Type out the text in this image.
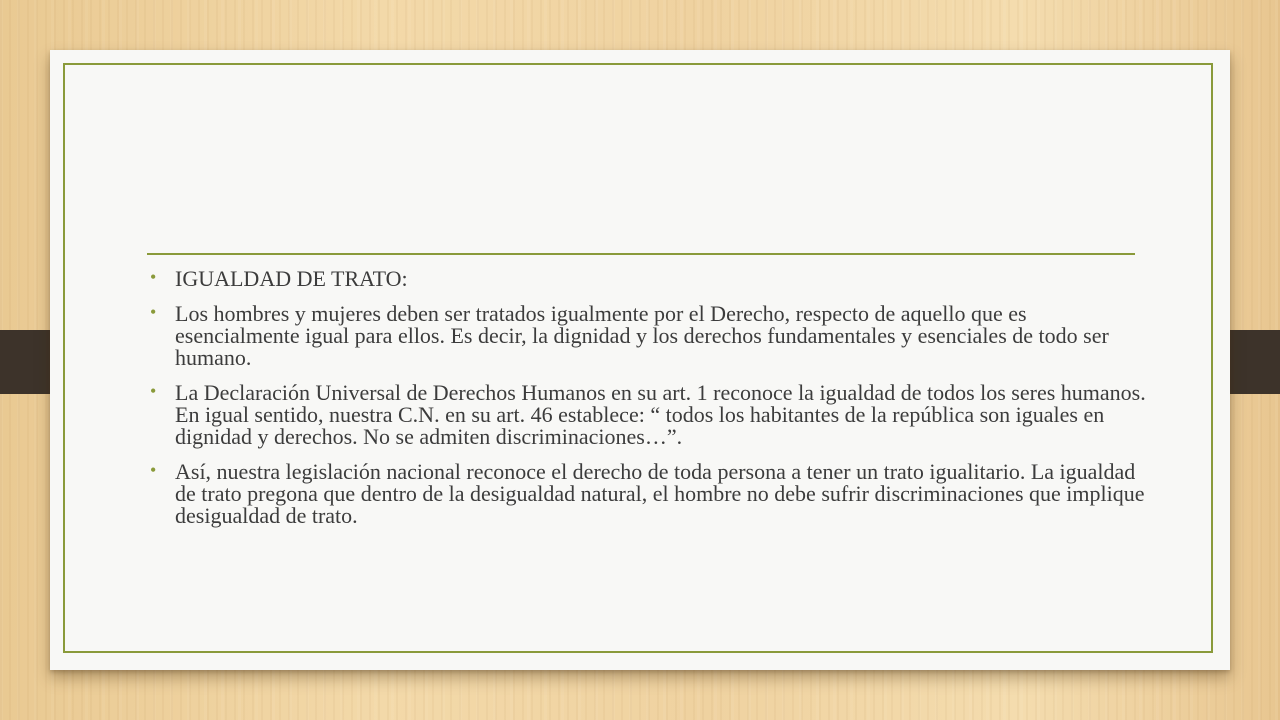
• IGUALDAD DE TRATO:
• Los hombres y mujeres deben ser tratados igualmente por el Derecho, respecto de aquello que es esencialmente igual para ellos. Es decir, la dignidad y los derechos fundamentales y esenciales de todo ser humano.
• La Declaración Universal de Derechos Humanos en su art. 1 reconoce la igualdad de todos los seres humanos. En igual sentido, nuestra C.N. en su art. 46 establece: “ todos los habitantes de la república son iguales en dignidad y derechos. No se admiten discriminaciones…”.
• Así, nuestra legislación nacional reconoce el derecho de toda persona a tener un trato igualitario. La igualdad de trato pregona que dentro de la desigualdad natural, el hombre no debe sufrir discriminaciones que implique desigualdad de trato.
